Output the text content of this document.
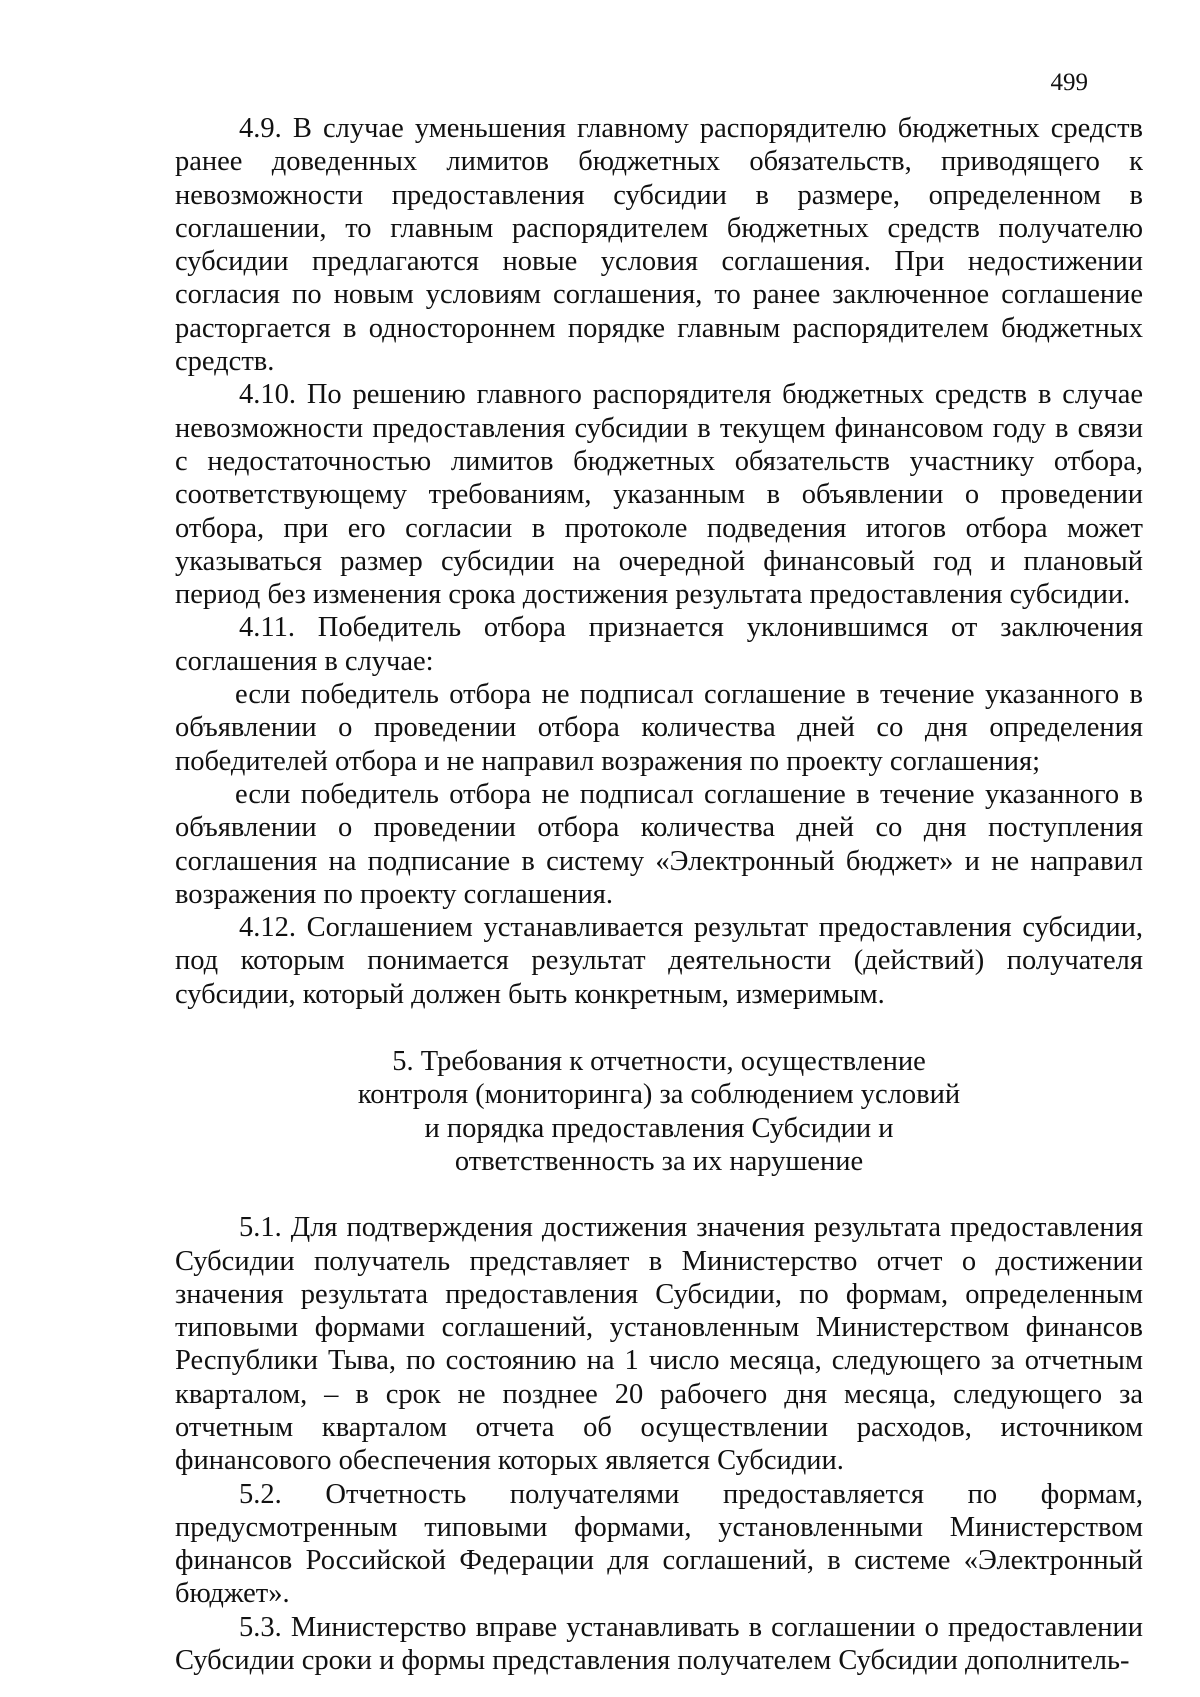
499

4.9. В случае уменьшения главному распорядителю бюджетных средств ранее доведенных лимитов бюджетных обязательств, приводящего к невозможности предоставления субсидии в размере, определенном в соглашении, то главным распорядителем бюджетных средств получателю субсидии предлагаются новые условия соглашения. При недостижении согласия по новым условиям соглашения, то ранее заключенное соглашение расторгается в одностороннем порядке главным распорядителем бюджетных средств.

4.10. По решению главного распорядителя бюджетных средств в случае невозможности предоставления субсидии в текущем финансовом году в связи с недостаточностью лимитов бюджетных обязательств участнику отбора, соответствующему требованиям, указанным в объявлении о проведении отбора, при его согласии в протоколе подведения итогов отбора может указываться размер субсидии на очередной финансовый год и плановый период без изменения срока достижения результата предоставления субсидии.

4.11. Победитель отбора признается уклонившимся от заключения соглашения в случае:

если победитель отбора не подписал соглашение в течение указанного в объявлении о проведении отбора количества дней со дня определения победителей отбора и не направил возражения по проекту соглашения;

если победитель отбора не подписал соглашение в течение указанного в объявлении о проведении отбора количества дней со дня поступления соглашения на подписание в систему «Электронный бюджет» и не направил возражения по проекту соглашения.

4.12. Соглашением устанавливается результат предоставления субсидии, под которым понимается результат деятельности (действий) получателя субсидии, который должен быть конкретным, измеримым.

5. Требования к отчетности, осуществление
контроля (мониторинга) за соблюдением условий
и порядка предоставления Субсидии и
ответственность за их нарушение

5.1. Для подтверждения достижения значения результата предоставления Субсидии получатель представляет в Министерство отчет о достижении значения результата предоставления Субсидии, по формам, определенным типовыми формами соглашений, установленным Министерством финансов Республики Тыва, по состоянию на 1 число месяца, следующего за отчетным кварталом, – в срок не позднее 20 рабочего дня месяца, следующего за отчетным кварталом отчета об осуществлении расходов, источником финансового обеспечения которых является Субсидии.

5.2. Отчетность получателями предоставляется по формам, предусмотренным типовыми формами, установленными Министерством финансов Российской Федерации для соглашений, в системе «Электронный бюджет».

5.3. Министерство вправе устанавливать в соглашении о предоставлении Субсидии сроки и формы представления получателем Субсидии дополнитель-
